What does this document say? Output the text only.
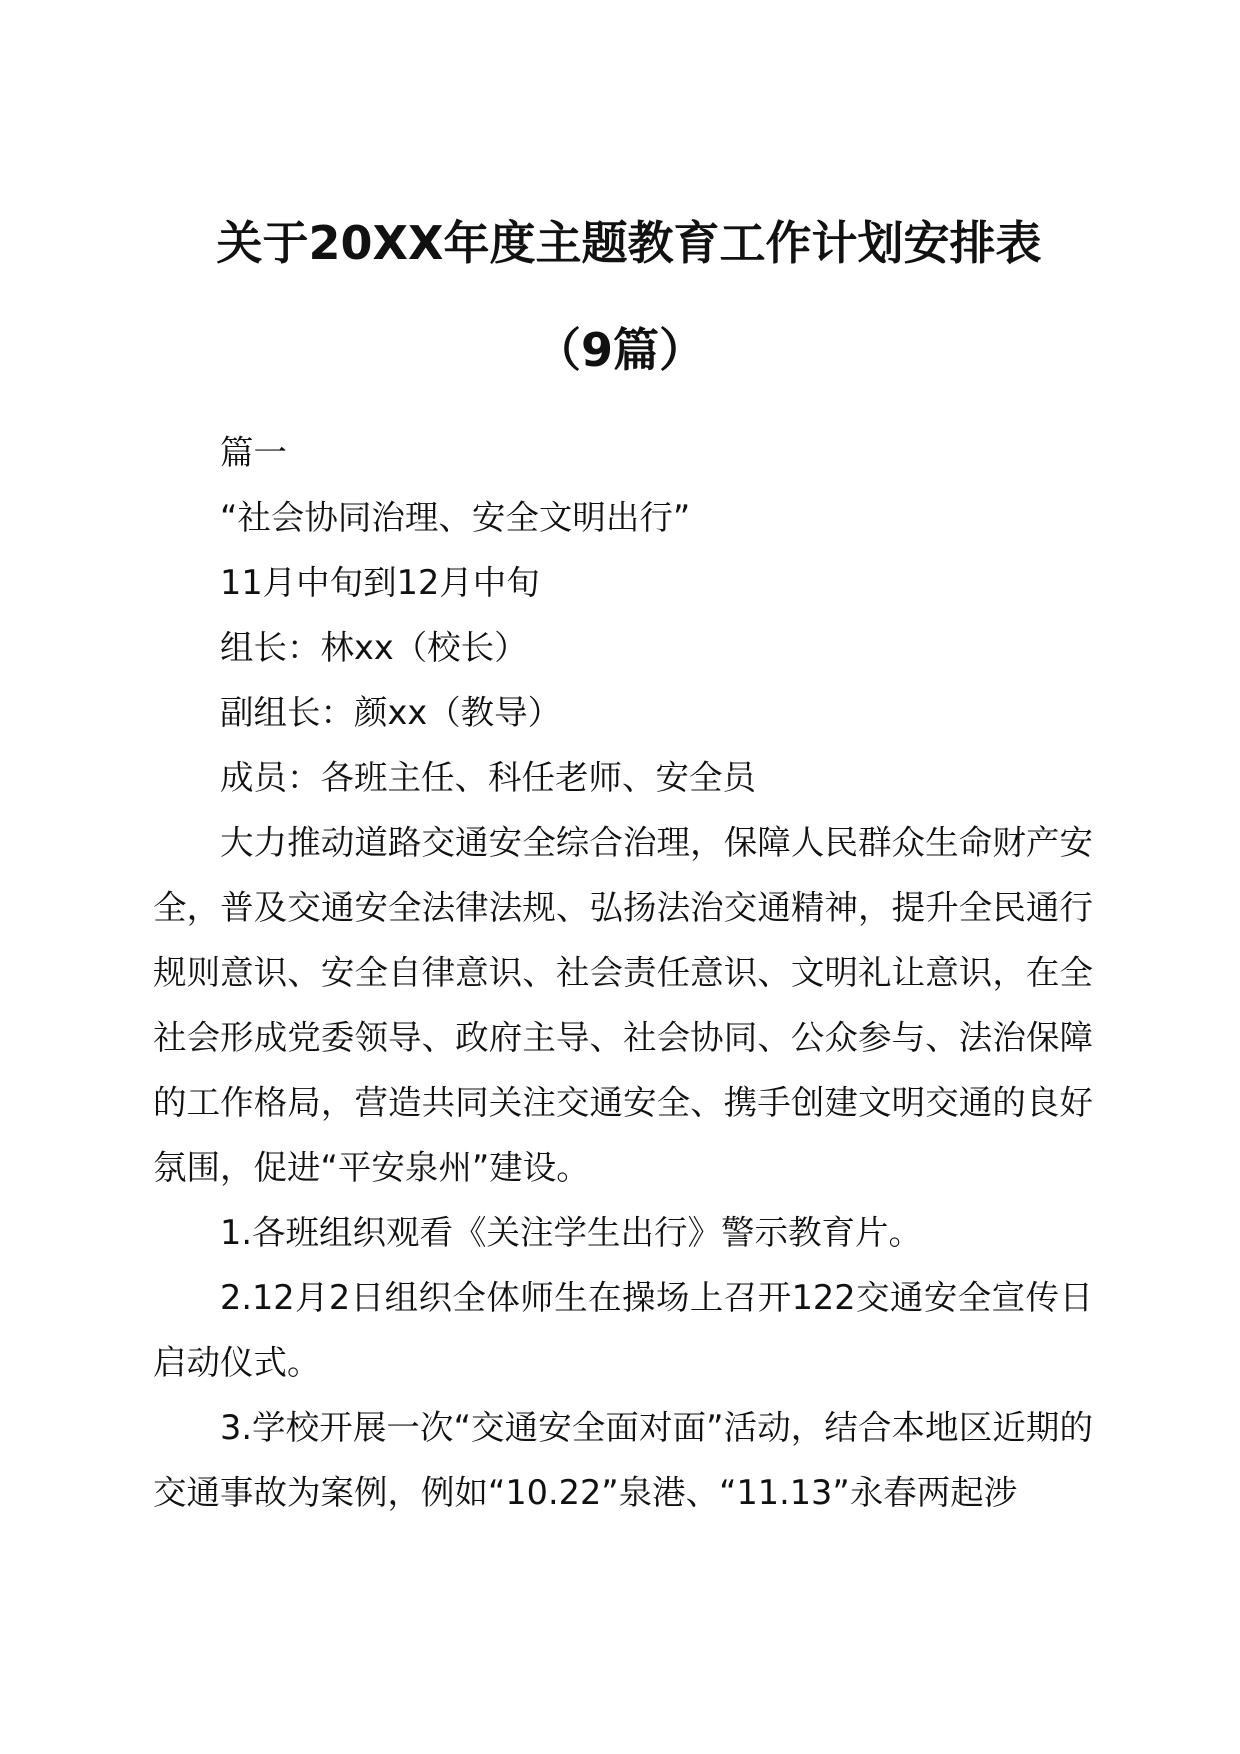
关于20XX年度主题教育工作计划安排表
（9篇）

篇一

“社会协同治理、安全文明出行”

11月中旬到12月中旬

组长：林xx（校长）

副组长：颜xx（教导）

成员：各班主任、科任老师、安全员

大力推动道路交通安全综合治理，保障人民群众生命财产安全，普及交通安全法律法规、弘扬法治交通精神，提升全民通行规则意识、安全自律意识、社会责任意识、文明礼让意识，在全社会形成党委领导、政府主导、社会协同、公众参与、法治保障的工作格局，营造共同关注交通安全、携手创建文明交通的良好氛围，促进“平安泉州”建设。

1.各班组织观看《关注学生出行》警示教育片。

2.12月2日组织全体师生在操场上召开122交通安全宣传日启动仪式。

3.学校开展一次“交通安全面对面”活动，结合本地区近期的交通事故为案例，例如“10.22”泉港、“11.13”永春两起涉
